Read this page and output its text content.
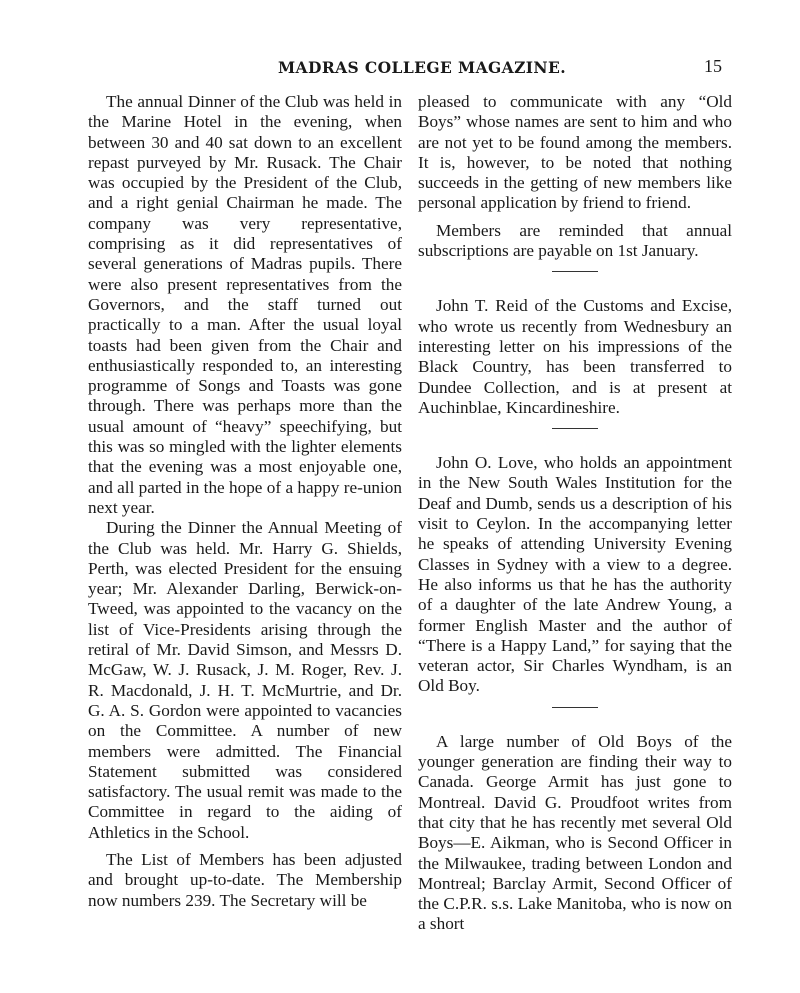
MADRAS COLLEGE MAGAZINE.	15

The annual Dinner of the Club was held in the Marine Hotel in the evening, when between 30 and 40 sat down to an excellent repast purveyed by Mr. Rusack. The Chair was occupied by the President of the Club, and a right genial Chairman he made. The company was very representative, comprising as it did representatives of several generations of Madras pupils. There were also present representatives from the Governors, and the staff turned out practically to a man. After the usual loyal toasts had been given from the Chair and enthusiastically responded to, an interesting programme of Songs and Toasts was gone through. There was perhaps more than the usual amount of “heavy” speechifying, but this was so mingled with the lighter elements that the evening was a most enjoyable one, and all parted in the hope of a happy re-union next year.

During the Dinner the Annual Meeting of the Club was held. Mr. Harry G. Shields, Perth, was elected President for the ensuing year; Mr. Alexander Darling, Berwick-on-Tweed, was appointed to the vacancy on the list of Vice-Presidents arising through the retiral of Mr. David Simson, and Messrs D. McGaw, W. J. Rusack, J. M. Roger, Rev. J. R. Macdonald, J. H. T. McMurtrie, and Dr. G. A. S. Gordon were appointed to vacancies on the Committee. A number of new members were admitted. The Financial Statement submitted was considered satisfactory. The usual remit was made to the Committee in regard to the aiding of Athletics in the School.

The List of Members has been adjusted and brought up-to-date. The Membership now numbers 239. The Secretary will be

pleased to communicate with any “Old Boys” whose names are sent to him and who are not yet to be found among the members. It is, however, to be noted that nothing succeeds in the getting of new members like personal application by friend to friend.

Members are reminded that annual subscriptions are payable on 1st January.

John T. Reid of the Customs and Excise, who wrote us recently from Wednesbury an interesting letter on his impressions of the Black Country, has been transferred to Dundee Collection, and is at present at Auchinblae, Kincardineshire.

John O. Love, who holds an appointment in the New South Wales Institution for the Deaf and Dumb, sends us a description of his visit to Ceylon. In the accompanying letter he speaks of attending University Evening Classes in Sydney with a view to a degree. He also informs us that he has the authority of a daughter of the late Andrew Young, a former English Master and the author of “There is a Happy Land,” for saying that the veteran actor, Sir Charles Wyndham, is an Old Boy.

A large number of Old Boys of the younger generation are finding their way to Canada. George Armit has just gone to Montreal. David G. Proudfoot writes from that city that he has recently met several Old Boys—E. Aikman, who is Second Officer in the Milwaukee, trading between London and Montreal; Barclay Armit, Second Officer of the C.P.R. s.s. Lake Manitoba, who is now on a short
